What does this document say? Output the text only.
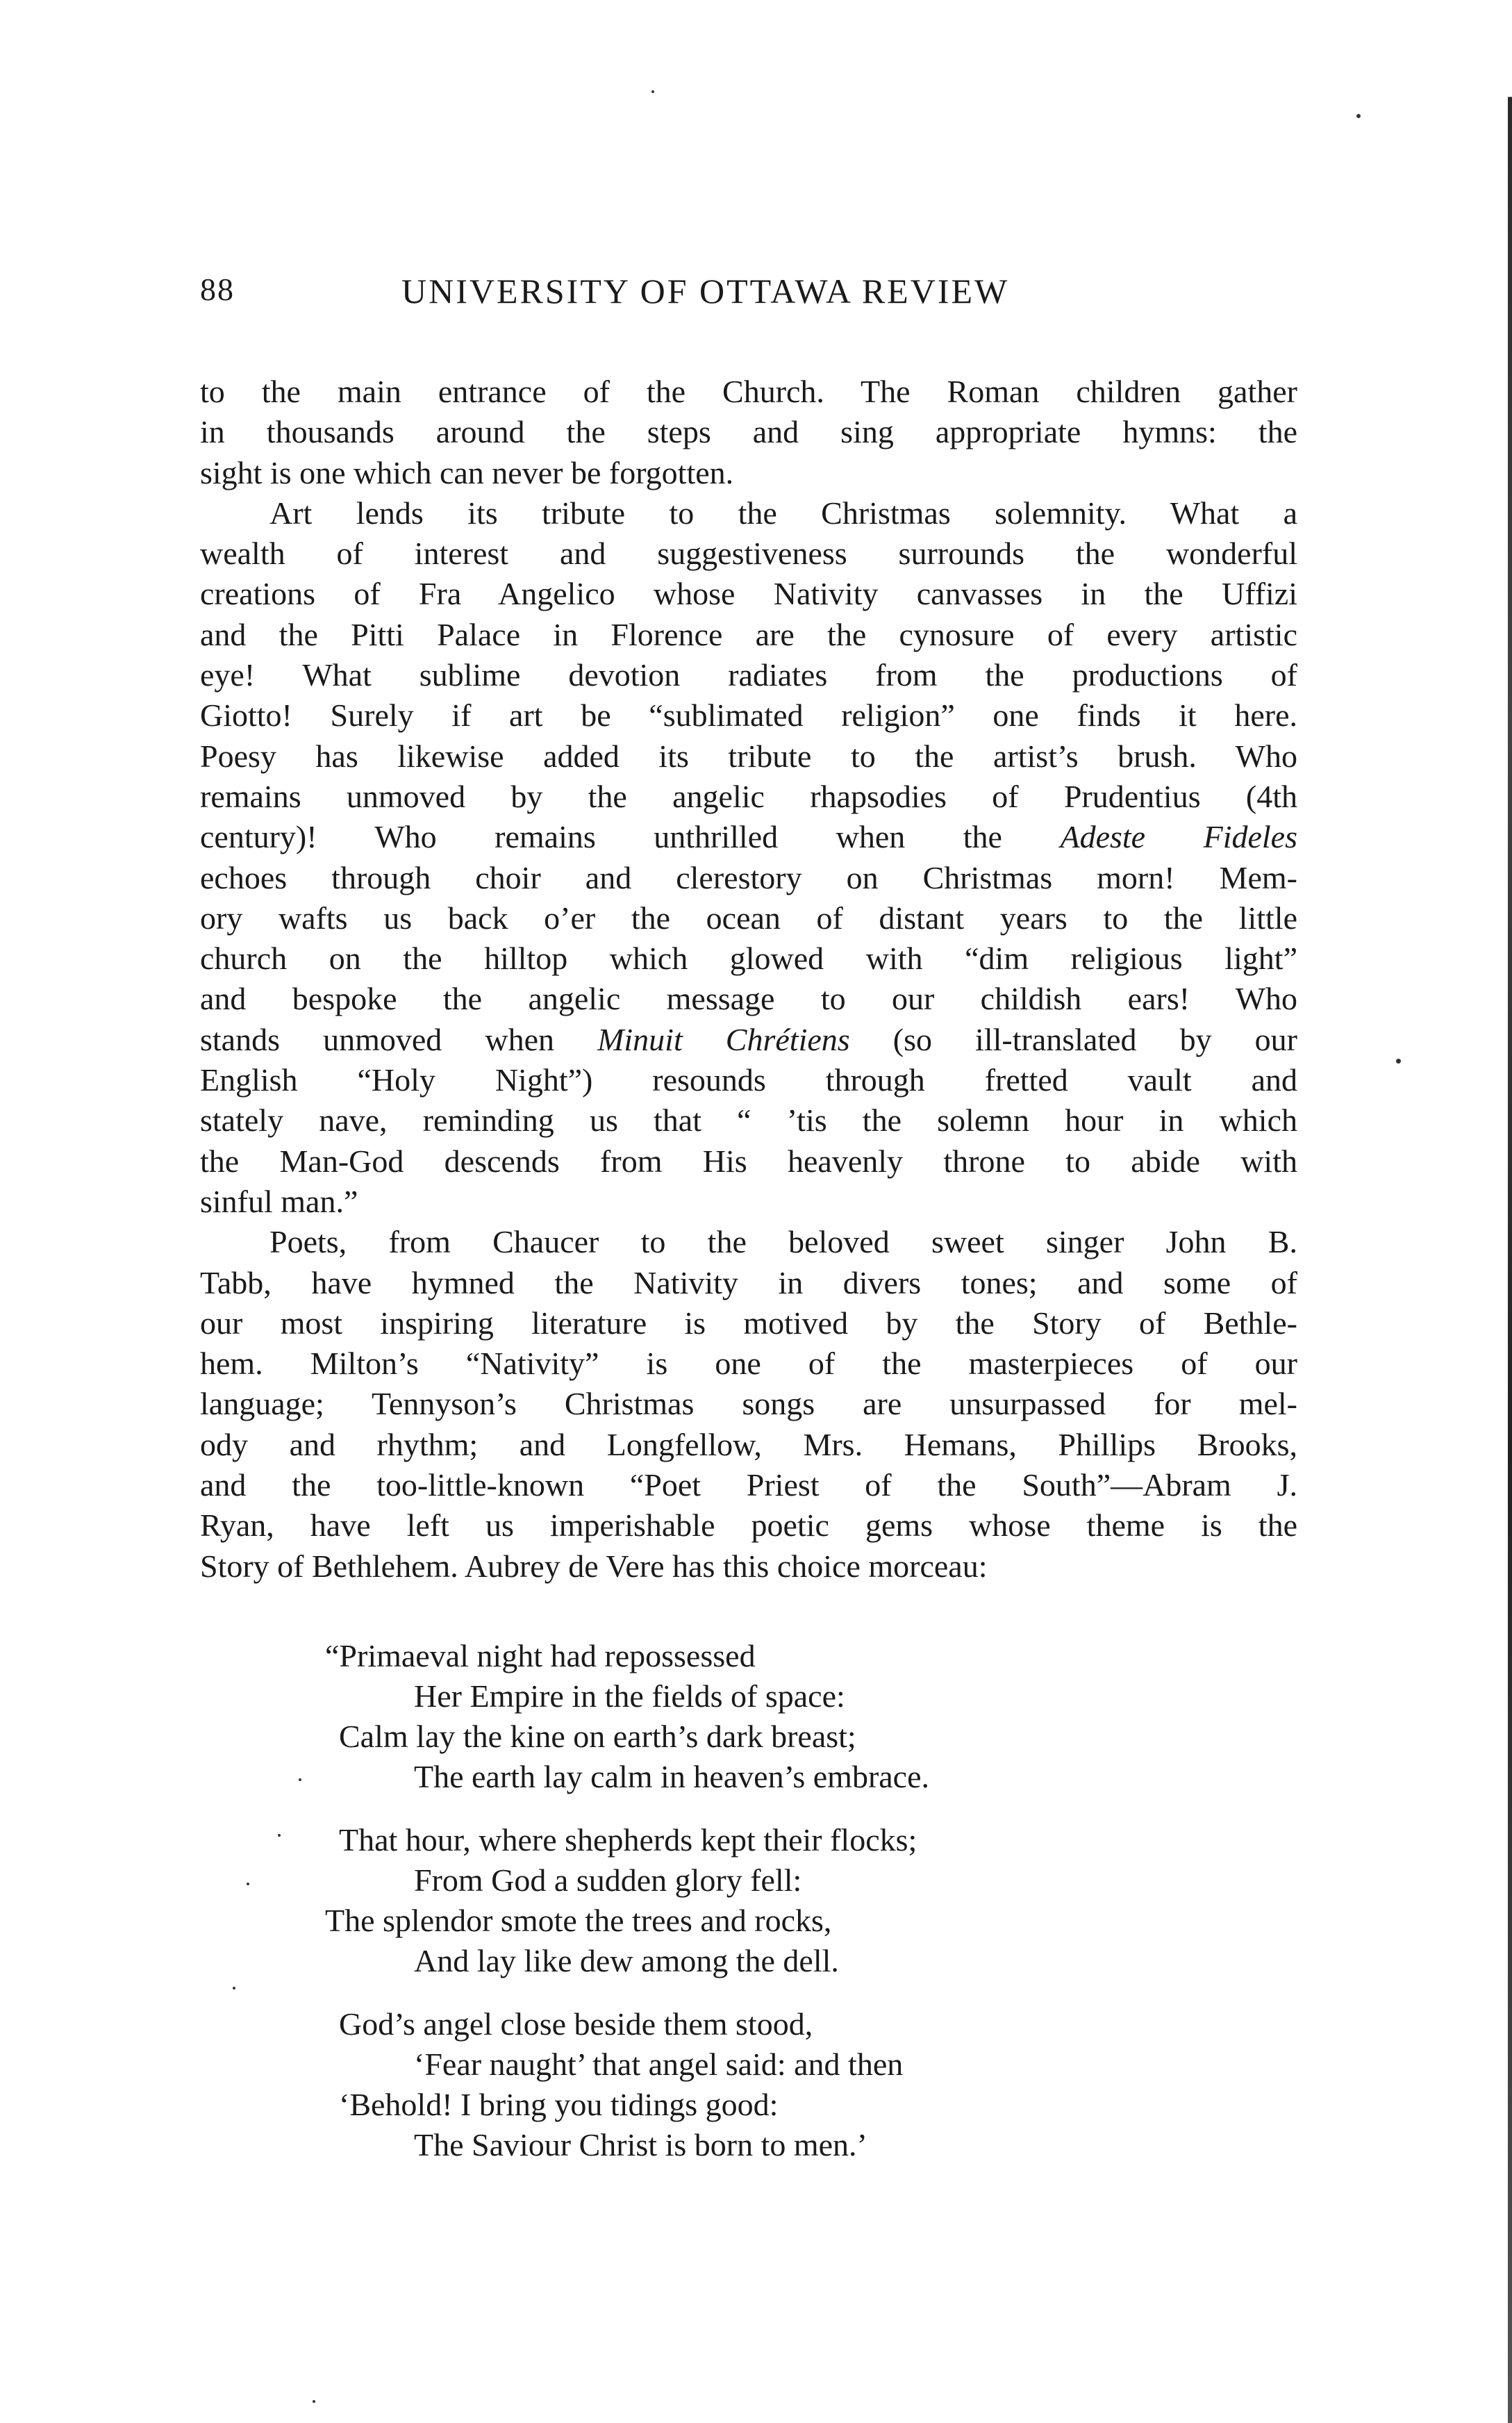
88	UNIVERSITY OF OTTAWA REVIEW
to the main entrance of the Church. The Roman children gather
in thousands around the steps and sing appropriate hymns: the
sight is one which can never be forgotten.
Art lends its tribute to the Christmas solemnity. What a
wealth of interest and suggestiveness surrounds the wonderful
creations of Fra Angelico whose Nativity canvasses in the Uffizi
and the Pitti Palace in Florence are the cynosure of every artistic
eye! What sublime devotion radiates from the productions of
Giotto! Surely if art be “sublimated religion” one finds it here.
Poesy has likewise added its tribute to the artist’s brush. Who
remains unmoved by the angelic rhapsodies of Prudentius (4th
century)! Who remains unthrilled when the Adeste Fideles
echoes through choir and clerestory on Christmas morn! Mem-
ory wafts us back o’er the ocean of distant years to the little
church on the hilltop which glowed with “dim religious light”
and bespoke the angelic message to our childish ears! Who
stands unmoved when Minuit Chrétiens (so ill-translated by our
English “Holy Night”) resounds through fretted vault and
stately nave, reminding us that “ ’tis the solemn hour in which
the Man-God descends from His heavenly throne to abide with
sinful man.”
Poets, from Chaucer to the beloved sweet singer John B.
Tabb, have hymned the Nativity in divers tones; and some of
our most inspiring literature is motived by the Story of Bethle-
hem. Milton’s “Nativity” is one of the masterpieces of our
language; Tennyson’s Christmas songs are unsurpassed for mel-
ody and rhythm; and Longfellow, Mrs. Hemans, Phillips Brooks,
and the too-little-known “Poet Priest of the South”—Abram J.
Ryan, have left us imperishable poetic gems whose theme is the
Story of Bethlehem. Aubrey de Vere has this choice morceau:
“Primaeval night had repossessed
Her Empire in the fields of space:
Calm lay the kine on earth’s dark breast;
The earth lay calm in heaven’s embrace.
That hour, where shepherds kept their flocks;
From God a sudden glory fell:
The splendor smote the trees and rocks,
And lay like dew among the dell.
God’s angel close beside them stood,
‘Fear naught’ that angel said: and then
‘Behold! I bring you tidings good:
The Saviour Christ is born to men.’
